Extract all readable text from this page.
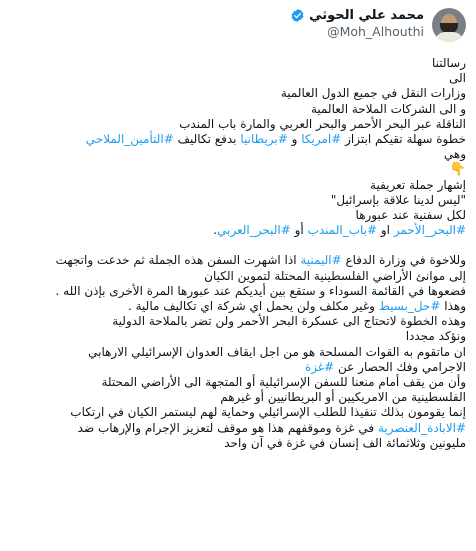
محمد علي الحوثي
@Moh_Alhouthi
رسالتنا
الى
وزارات النقل في جميع الدول العالمية
و الى الشركات الملاحة العالمية
الناقلة عبر البحر الأحمر والبحر العربي والمارة باب المندب
خطوة سهلة تقيكم ابتزاز #امريكا و #بريطانيا بدفع تكاليف #التأمين_الملاحي
وهي
👇
إشهار جملة تعريفية
"ليس لدينا علاقة بإسرائيل"
لكل سفنية عند عبورها
#البحر_الأحمر او #باب_المندب أو #البحر_العربي.
وللاخوة في وزارة الدفاع #اليمنية اذا اشهرت السفن هذه الجملة ثم خدعت واتجهت
إلى موانئ الأراضي الفلسطينية المحتلة لتموين الكيان
فضعوها في القائمة السوداء و ستقع بين أيديكم عند عبورها المرة الأخرى بإذن الله .
وهذا #حل_بسيط وغير مكلف ولن يحمل اي شركة اي تكاليف مالية .
وهذه الخطوة لاتحتاج الى عسكرة البحر الأحمر ولن تضر بالملاحة الدولية
ونؤكد مجددا
ان ماتقوم به القوات المسلحة هو من اجل ايقاف العدوان الإسرائيلي الارهابي
الاجرامي وفك الحصار عن #غزة
وأن من يقف أمام منعنا للسفن الإسرائيلية أو المتجهة الى الأراضي المحتلة
الفلسطينية من الامريكيين أو البريطانيين أو غيرهم
إنما يقومون بذلك تنفيذا للطلب الإسرائيلي وحماية لهم ليستمر الكيان في ارتكاب
#الابادة_العنصرية في غزة وموقفهم هذا هو موقف لتعزيز الإجرام والإرهاب ضد
مليونين وثلاثمائة الف إنسان في غزة في آن واحد
